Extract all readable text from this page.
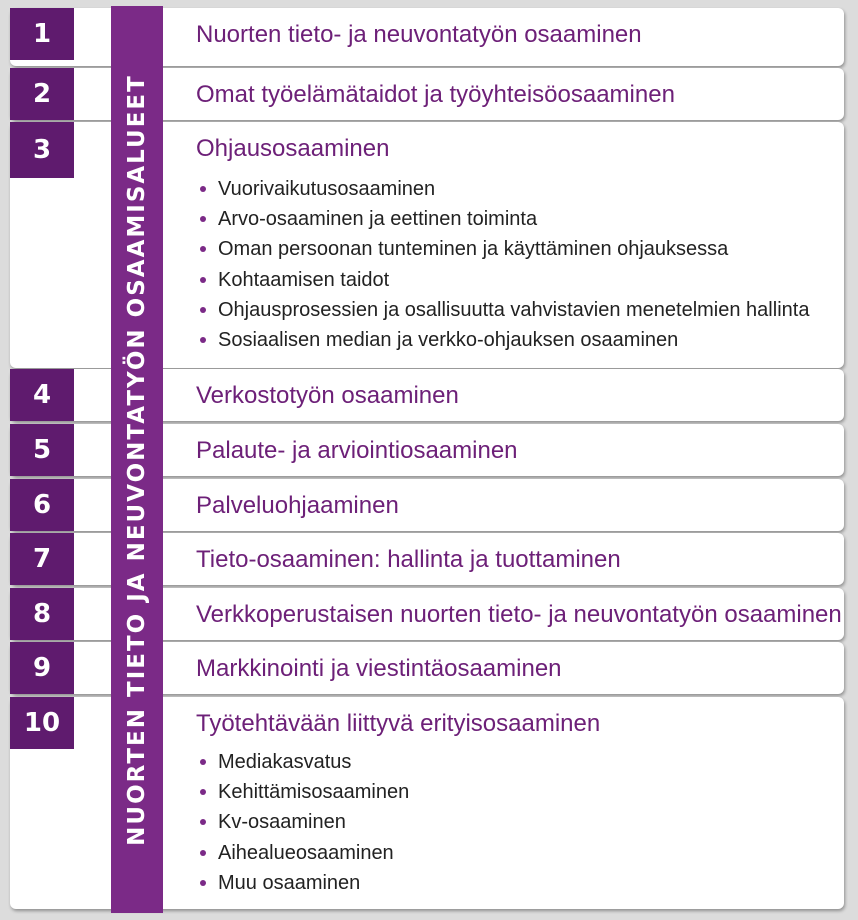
1	Nuorten tieto- ja neuvontatyön osaaminen
2	Omat työelämätaidot ja työyhteisöosaaminen
3	Ohjausosaaminen
Vuorivaikutusosaaminen
Arvo-osaaminen ja eettinen toiminta
Oman persoonan tunteminen ja käyttäminen ohjauksessa
Kohtaamisen taidot
Ohjausprosessien ja osallisuutta vahvistavien menetelmien hallinta
Sosiaalisen median ja verkko-ohjauksen osaaminen
4	Verkostotyön osaaminen
5	Palaute- ja arviointiosaaminen
6	Palveluohjaaminen
7	Tieto-osaaminen: hallinta ja tuottaminen
8	Verkkoperustaisen nuorten tieto- ja neuvontatyön osaaminen
9	Markkinointi ja viestintäosaaminen
10	Työtehtävään liittyvä erityisosaaminen
Mediakasvatus
Kehittämisosaaminen
Kv-osaaminen
Aihealueosaaminen
Muu osaaminen
NUORTEN TIETO JA NEUVONTATYÖN OSAAMISALUEET
